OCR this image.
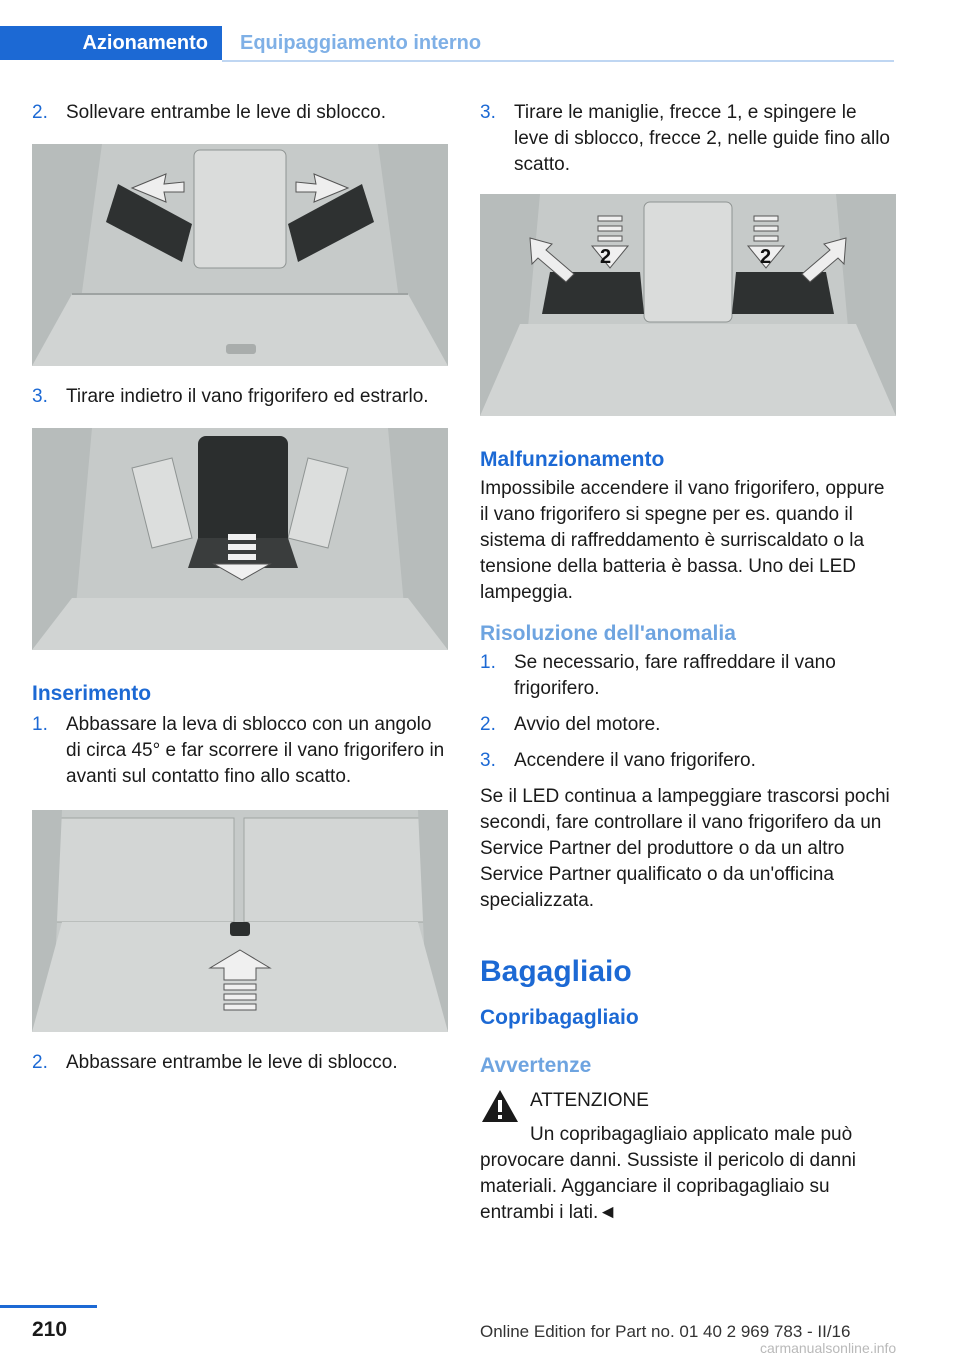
Azionamento	Equipaggiamento interno
2. Sollevare entrambe le leve di sblocco.
3. Tirare indietro il vano frigorifero ed estrarlo.
Inserimento
1. Abbassare la leva di sblocco con un angolo di circa 45° e far scorrere il vano frigorifero in avanti sul contatto fino allo scatto.
2. Abbassare entrambe le leve di sblocco.
3. Tirare le maniglie, frecce 1, e spingere le leve di sblocco, frecce 2, nelle guide fino allo scatto.
2	2
Malfunzionamento

Impossibile accendere il vano frigorifero, oppure il vano frigorifero si spegne per es. quando il sistema di raffreddamento è surriscaldato o la tensione della batteria è bassa. Uno dei LED lampeggia.

Risoluzione dell'anomalia
1. Se necessario, fare raffreddare il vano frigorifero.
2. Avvio del motore.
3. Accendere il vano frigorifero.

Se il LED continua a lampeggiare trascorsi pochi secondi, fare controllare il vano frigorifero da un Service Partner del produttore o da un altro Service Partner qualificato o da un'officina specializzata.

Bagagliaio
Copribagagliaio
Avvertenze
ATTENZIONE

Un copribagagliaio applicato male può provocare danni. Sussiste il pericolo di danni materiali. Agganciare il copribagagliaio su entrambi i lati.◄

210	Online Edition for Part no. 01 40 2 969 783 - II/16
carmanualsonline.info
